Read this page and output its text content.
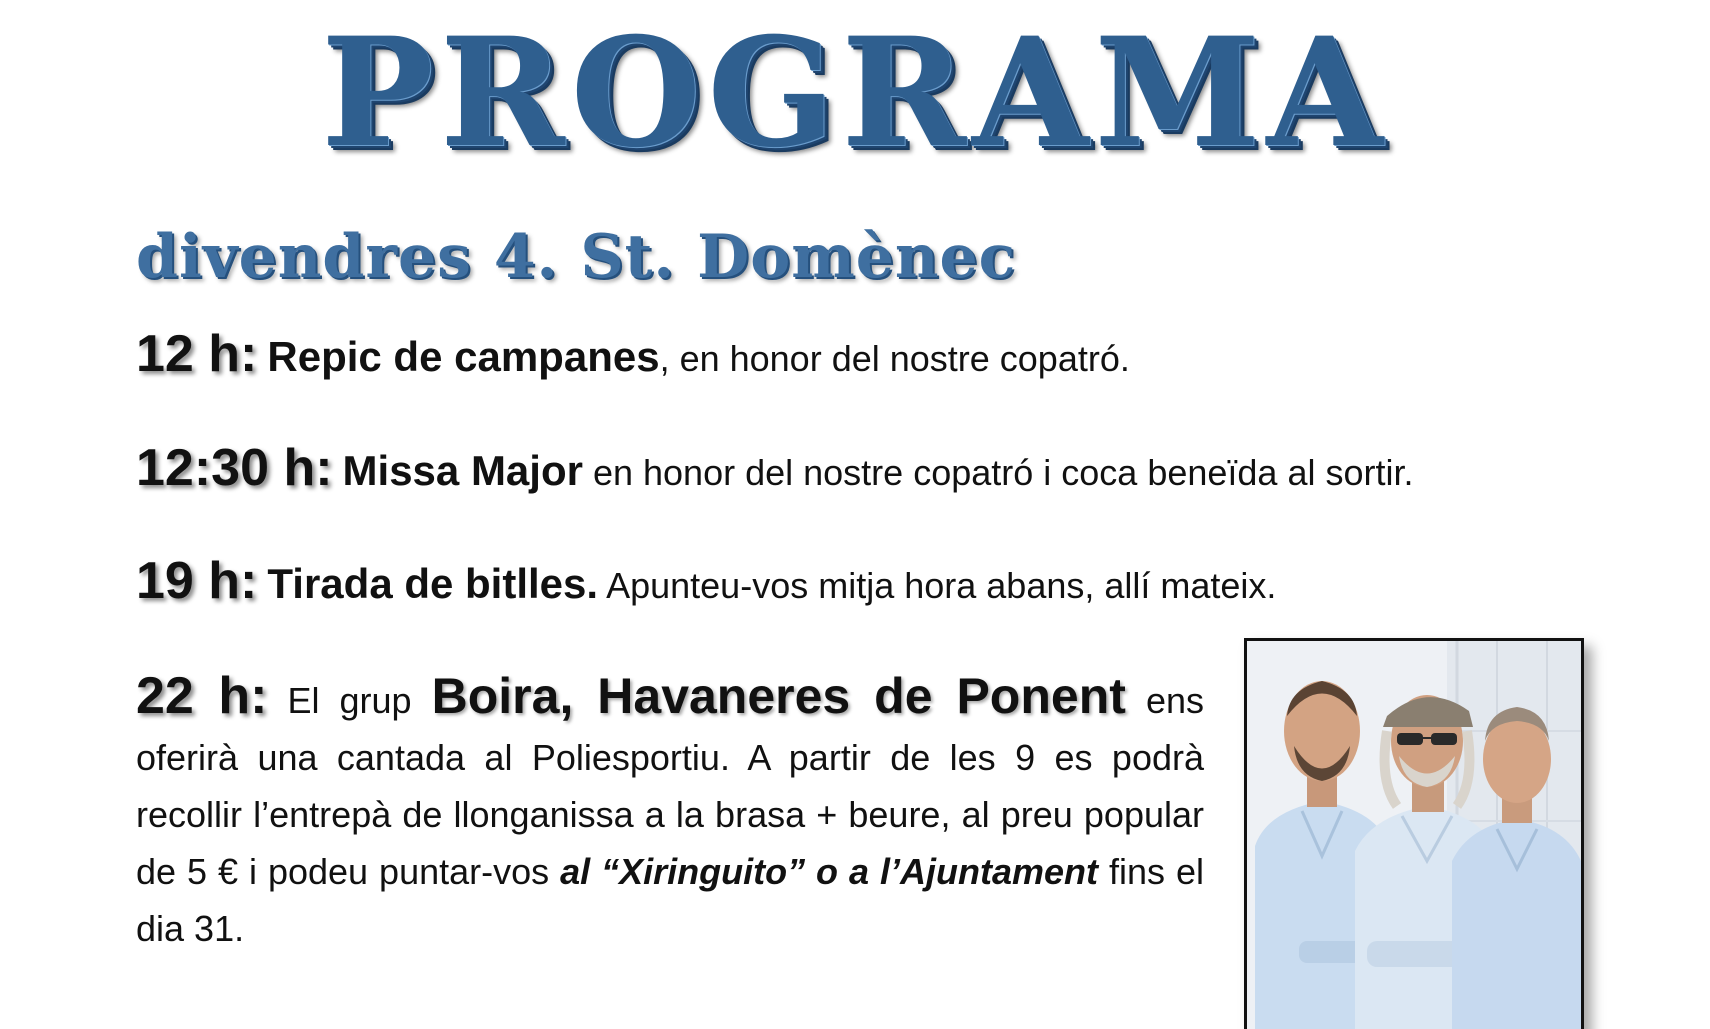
PROGRAMA
divendres 4. St. Domènec
12 h: Repic de campanes, en honor del nostre copatró.
12:30 h: Missa Major en honor del nostre copatró i coca beneïda al sortir.
19 h: Tirada de bitlles. Apunteu-vos mitja hora abans, allí mateix.
22 h: El grup Boira, Havaneres de Ponent ens oferirà una cantada al Poliesportiu. A partir de les 9 es podrà recollir l’entrepà de llonganissa a la brasa + beure, al preu popular de 5 € i podeu puntar-vos al “Xiringuito” o a l’Ajuntament fins el dia 31.
